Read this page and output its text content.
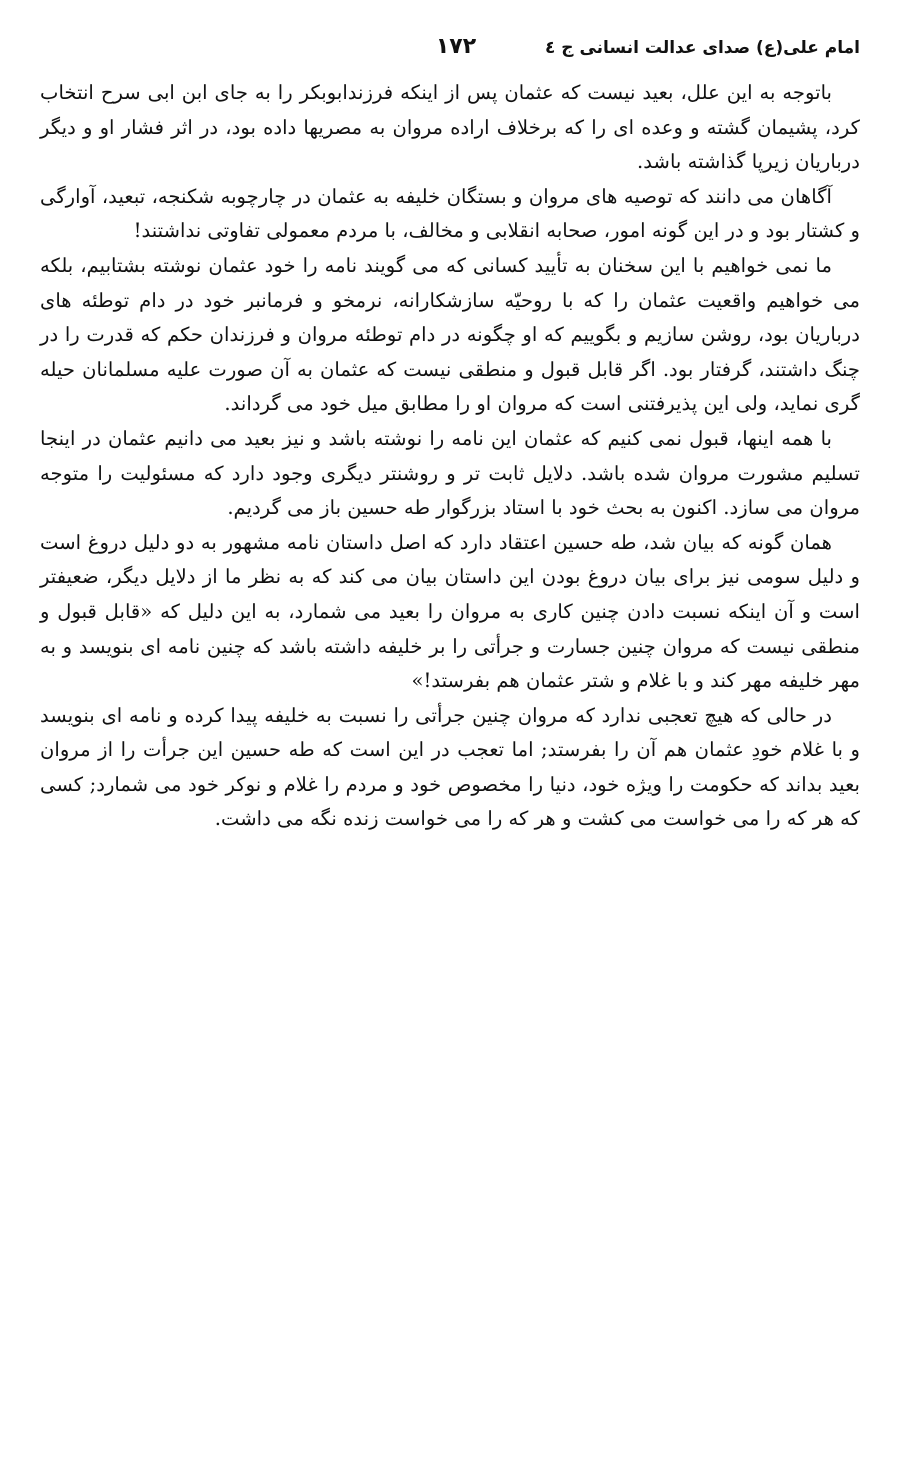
امام علی(ع) صدای عدالت انسانی ج ٤
١٧٢

باتوجه به این علل، بعید نیست که عثمان پس از اینکه فرزندابوبکر را به جای ابن ابی سرح انتخاب کرد، پشیمان گشته و وعده ای را که برخلاف اراده مروان به مصریها داده بود، در اثر فشار او و دیگر درباریان زیرپا گذاشته باشد.

آگاهان می دانند که توصیه های مروان و بستگان خلیفه به عثمان در چارچوبه شکنجه، تبعید، آوارگی و کشتار بود و در این گونه امور، صحابه انقلابی و مخالف، با مردم معمولی تفاوتی نداشتند!

ما نمی خواهیم با این سخنان به تأیید کسانی که می گویند نامه را خود عثمان نوشته بشتابیم، بلکه می خواهیم واقعیت عثمان را که با روحیّه سازشکارانه، نرمخو و فرمانبر خود در دام توطئه های درباریان بود، روشن سازیم و بگوییم که او چگونه در دام توطئه مروان و فرزندان حکم که قدرت را در چنگ داشتند، گرفتار بود. اگر قابل قبول و منطقی نیست که عثمان به آن صورت علیه مسلمانان حیله گری نماید، ولی این پذیرفتنی است که مروان او را مطابق میل خود می گرداند.

با همه اینها، قبول نمی کنیم که عثمان این نامه را نوشته باشد و نیز بعید می دانیم عثمان در اینجا تسلیم مشورت مروان شده باشد. دلایل ثابت تر و روشنتر دیگری وجود دارد که مسئولیت را متوجه مروان می سازد. اکنون به بحث خود با استاد بزرگوار طه حسین باز می گردیم.

همان گونه که بیان شد، طه حسین اعتقاد دارد که اصل داستان نامه مشهور به دو دلیل دروغ است و دلیل سومی نیز برای بیان دروغ بودن این داستان بیان می کند که به نظر ما از دلایل دیگر، ضعیفتر است و آن اینکه نسبت دادن چنین کاری به مروان را بعید می شمارد، به این دلیل که «قابل قبول و منطقی نیست که مروان چنین جسارت و جرأتی را بر خلیفه داشته باشد که چنین نامه ای بنویسد و به مهر خلیفه مهر کند و با غلام و شتر عثمان هم بفرستد!»

در حالی که هیچ تعجبی ندارد که مروان چنین جرأتی را نسبت به خلیفه پیدا کرده و نامه ای بنویسد و با غلام خودِ عثمان هم آن را بفرستد; اما تعجب در این است که طه حسین این جرأت را از مروان بعید بداند که حکومت را ویژه خود، دنیا را مخصوص خود و مردم را غلام و نوکر خود می شمارد; کسی که هر که را می خواست می کشت و هر که را می خواست زنده نگه می داشت.
